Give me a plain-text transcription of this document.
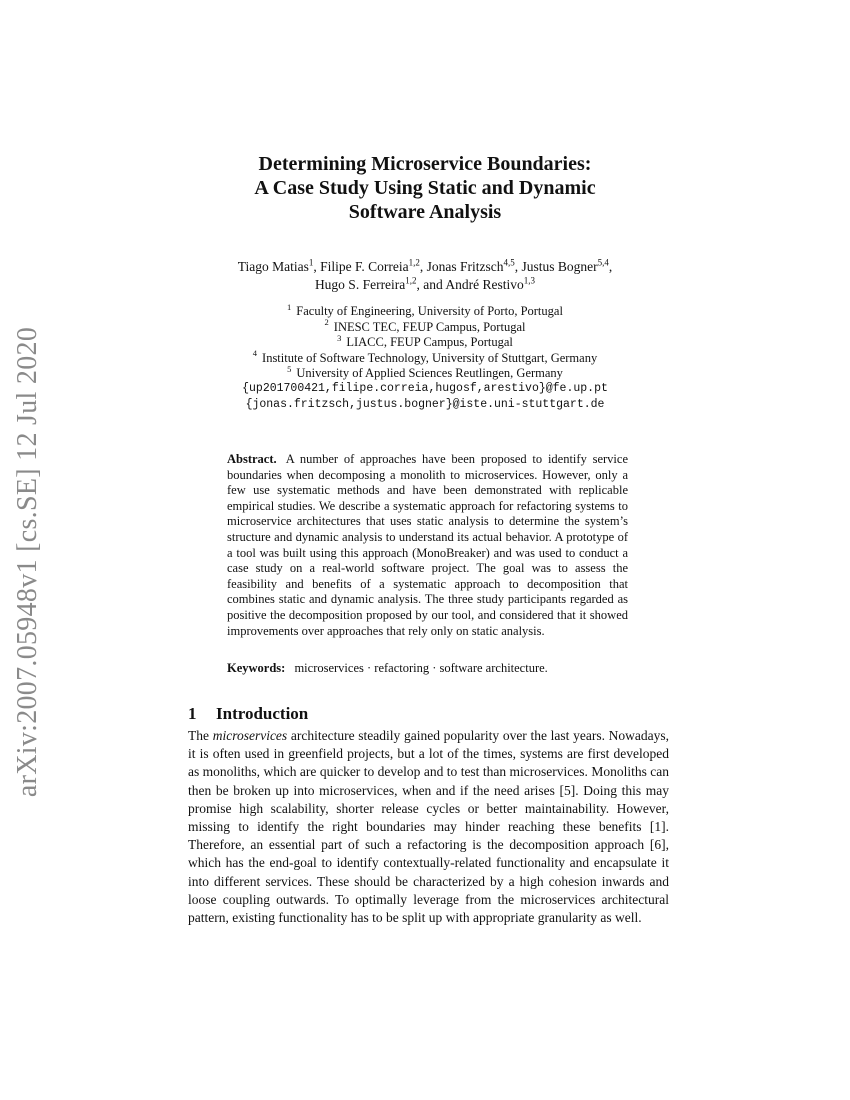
arXiv:2007.05948v1 [cs.SE] 12 Jul 2020
Determining Microservice Boundaries:
A Case Study Using Static and Dynamic
Software Analysis
Tiago Matias$^1$, Filipe F. Correia$^{1,2}$, Jonas Fritzsch$^{4,5}$, Justus Bogner$^{5,4}$,
Hugo S. Ferreira$^{1,2}$, and André Restivo$^{1,3}$
$^1$ Faculty of Engineering, University of Porto, Portugal
$^2$ INESC TEC, FEUP Campus, Portugal
$^3$ LIACC, FEUP Campus, Portugal
$^4$ Institute of Software Technology, University of Stuttgart, Germany
$^5$ University of Applied Sciences Reutlingen, Germany
{up201700421,filipe.correia,hugosf,arestivo}@fe.up.pt
{jonas.fritzsch,justus.bogner}@iste.uni-stuttgart.de
Abstract. A number of approaches have been proposed to identify service boundaries when decomposing a monolith to microservices. However, only a few use systematic methods and have been demonstrated with replicable empirical studies. We describe a systematic approach for refactoring systems to microservice architectures that uses static analysis to determine the system’s structure and dynamic analysis to understand its actual behavior. A prototype of a tool was built using this approach (MonoBreaker) and was used to conduct a case study on a real-world software project. The goal was to assess the feasibility and benefits of a systematic approach to decomposition that combines static and dynamic analysis. The three study participants regarded as positive the decomposition proposed by our tool, and considered that it showed improvements over approaches that rely only on static analysis.
Keywords: microservices · refactoring · software architecture.
1 Introduction
The microservices architecture steadily gained popularity over the last years. Nowadays, it is often used in greenfield projects, but a lot of the times, systems are first developed as monoliths, which are quicker to develop and to test than microservices. Monoliths can then be broken up into microservices, when and if the need arises [5]. Doing this may promise high scalability, shorter release cycles or better maintainability. However, missing to identify the right boundaries may hinder reaching these benefits [1]. Therefore, an essential part of such a refactoring is the decomposition approach [6], which has the end-goal to identify contextually-related functionality and encapsulate it into different services. These should be characterized by a high cohesion inwards and loose coupling outwards. To optimally leverage from the microservices architectural pattern, existing functionality has to be split up with appropriate granularity as well.
